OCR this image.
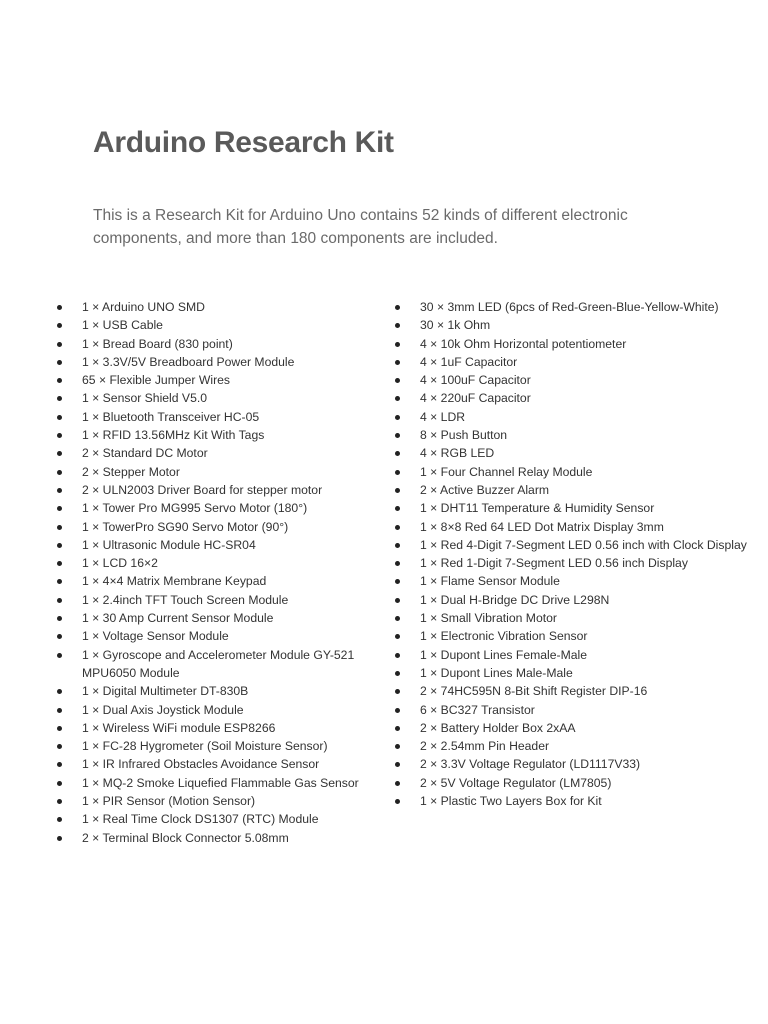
Arduino Research Kit

This is a Research Kit for Arduino Uno contains 52 kinds of different electronic components, and more than 180 components are included.

1 × Arduino UNO SMD
1 × USB Cable
1 × Bread Board (830 point)
1 × 3.3V/5V Breadboard Power Module
65 × Flexible Jumper Wires
1 × Sensor Shield V5.0
1 × Bluetooth Transceiver HC-05
1 × RFID 13.56MHz Kit With Tags
2 × Standard DC Motor
2 × Stepper Motor
2 × ULN2003 Driver Board for stepper motor
1 × Tower Pro MG995 Servo Motor (180°)
1 × TowerPro SG90 Servo Motor (90°)
1 × Ultrasonic Module HC-SR04
1 × LCD 16×2
1 × 4×4 Matrix Membrane Keypad
1 × 2.4inch TFT Touch Screen Module
1 × 30 Amp Current Sensor Module
1 × Voltage Sensor Module
1 × Gyroscope and Accelerometer Module GY-521 MPU6050 Module
1 × Digital Multimeter DT-830B
1 × Dual Axis Joystick Module
1 × Wireless WiFi module ESP8266
1 × FC-28 Hygrometer (Soil Moisture Sensor)
1 × IR Infrared Obstacles Avoidance Sensor
1 × MQ-2 Smoke Liquefied Flammable Gas Sensor
1 × PIR Sensor (Motion Sensor)
1 × Real Time Clock DS1307 (RTC) Module
2 × Terminal Block Connector 5.08mm
30 × 3mm LED (6pcs of Red-Green-Blue-Yellow-White)
30 × 1k Ohm
4 × 10k Ohm Horizontal potentiometer
4 × 1uF Capacitor
4 × 100uF Capacitor
4 × 220uF Capacitor
4 × LDR
8 × Push Button
4 × RGB LED
1 × Four Channel Relay Module
2 × Active Buzzer Alarm
1 × DHT11 Temperature & Humidity Sensor
1 × 8×8 Red 64 LED Dot Matrix Display 3mm
1 × Red 4-Digit 7-Segment LED 0.56 inch with Clock Display
1 × Red 1-Digit 7-Segment LED 0.56 inch Display
1 × Flame Sensor Module
1 × Dual H-Bridge DC Drive L298N
1 × Small Vibration Motor
1 × Electronic Vibration Sensor
1 × Dupont Lines Female-Male
1 × Dupont Lines Male-Male
2 × 74HC595N 8-Bit Shift Register DIP-16
6 × BC327 Transistor
2 × Battery Holder Box 2xAA
2 × 2.54mm Pin Header
2 × 3.3V Voltage Regulator (LD1117V33)
2 × 5V Voltage Regulator (LM7805)
1 × Plastic Two Layers Box for Kit
